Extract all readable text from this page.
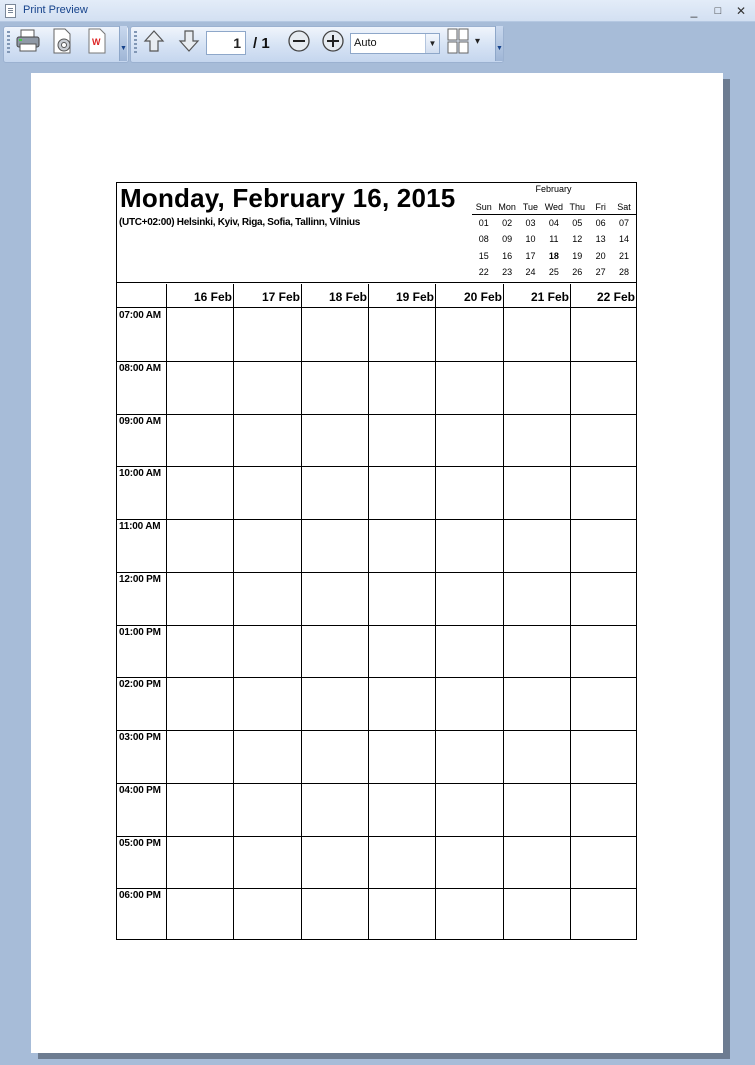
Print Preview	_	□	✕
W
▼	1 / 1	Auto	▼	▾
▼
Monday, February 16, 2015
(UTC+02:00) Helsinki, Kyiv, Riga, Sofia, Tallinn, Vilnius
February
Sun Mon Tue Wed Thu	Fri	Sat
01	02	03	04	05	06	07
08	09	10	11	12	13	14
15	16	17	18	19	20	21
22	23	24	25	26	27	28
16 Feb	17 Feb	18 Feb	19 Feb	20 Feb	21 Feb	22 Feb
07:00 AM
08:00 AM
09:00 AM
10:00 AM
11:00 AM
12:00 PM
01:00 PM
02:00 PM
03:00 PM
04:00 PM
05:00 PM
06:00 PM
